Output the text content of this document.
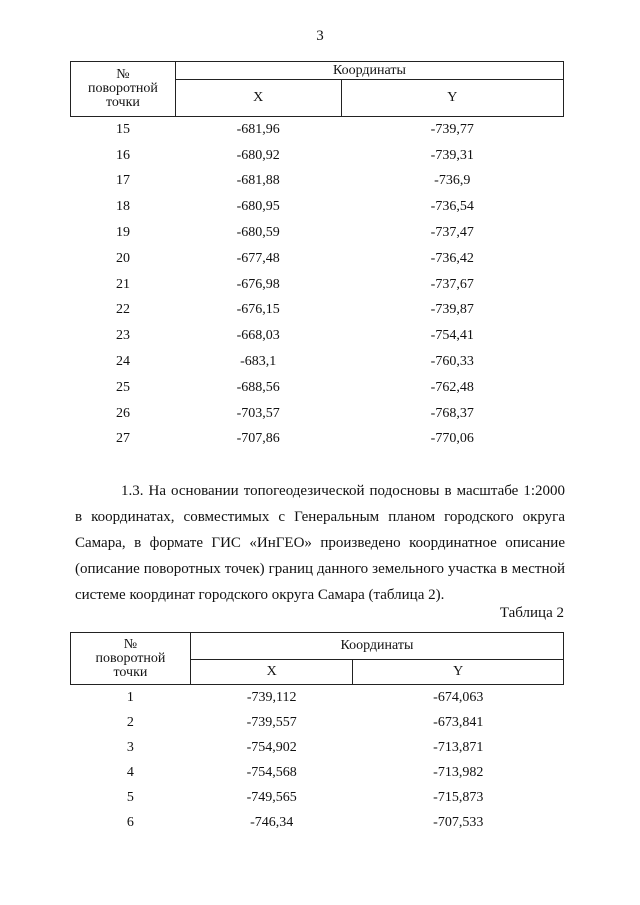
3
№
поворотной
точки	Координаты	
	X	Y
15	-681,96	-739,77
16	-680,92	-739,31
17	-681,88	-736,9
18	-680,95	-736,54
19	-680,59	-737,47
20	-677,48	-736,42
21	-676,98	-737,67
22	-676,15	-739,87
23	-668,03	-754,41
24	-683,1	-760,33
25	-688,56	-762,48
26	-703,57	-768,37
27	-707,86	-770,06
1.3. На основании топогеодезической подосновы в масштабе 1:2000 в координатах, совместимых с Генеральным планом городского округа Самара, в формате ГИС «ИнГЕО» произведено координатное описание (описание поворотных точек) границ данного земельного участка в местной системе координат городского округа Самара (таблица 2).
Таблица 2
№
поворотной
точки	Координаты	
	X	Y
1	-739,112	-674,063
2	-739,557	-673,841
3	-754,902	-713,871
4	-754,568	-713,982
5	-749,565	-715,873
6	-746,34	-707,533
